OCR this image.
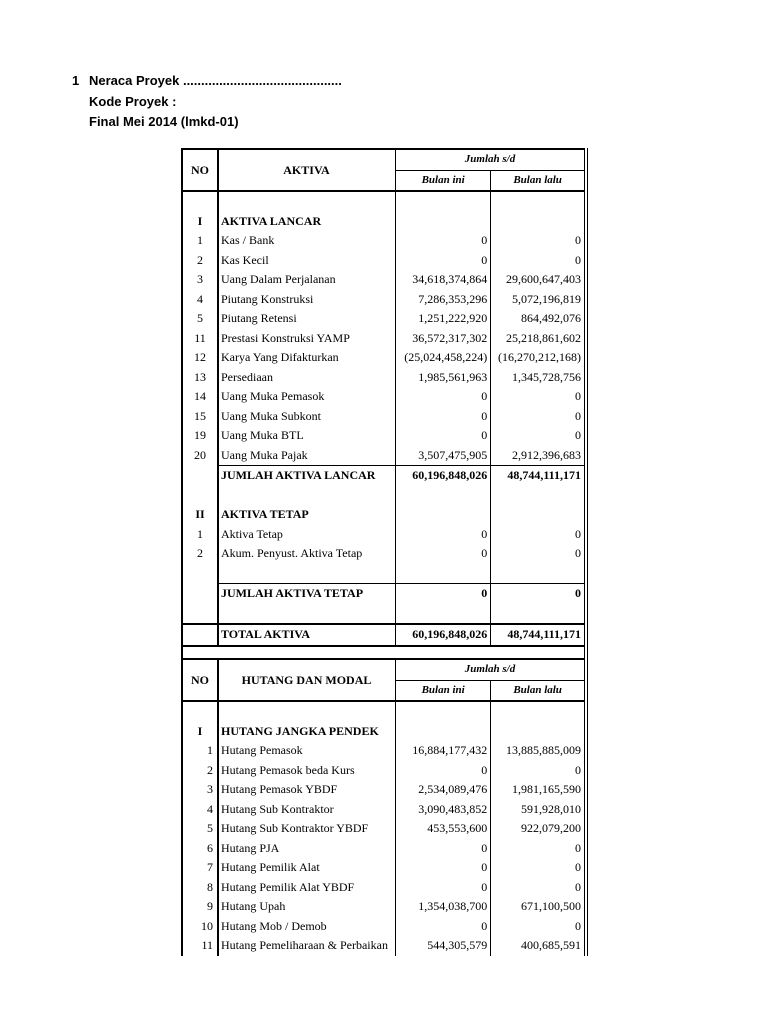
1 Neraca Proyek ............................................
Kode Proyek :
Final Mei 2014 (lmkd-01)
NO	AKTIVA	Jumlah s/d	
		Bulan ini	Bulan lalu

I	AKTIVA LANCAR		
1	Kas / Bank	0	0
2	Kas Kecil	0	0
3	Uang Dalam Perjalanan	34,618,374,864	29,600,647,403
4	Piutang Konstruksi	7,286,353,296	5,072,196,819
5	Piutang Retensi	1,251,222,920	864,492,076
11	Prestasi Konstruksi YAMP	36,572,317,302	25,218,861,602
12	Karya Yang Difakturkan	(25,024,458,224)	(16,270,212,168)
13	Persediaan	1,985,561,963	1,345,728,756
14	Uang Muka Pemasok	0	0
15	Uang Muka Subkont	0	0
19	Uang Muka BTL	0	0
20	Uang Muka Pajak	3,507,475,905	2,912,396,683
	JUMLAH AKTIVA LANCAR	60,196,848,026	48,744,111,171

II	AKTIVA TETAP		
1	Aktiva Tetap	0	0
2	Akum. Penyust. Aktiva Tetap	0	0

	JUMLAH AKTIVA TETAP	0	0

	TOTAL AKTIVA	60,196,848,026	48,744,111,171
NO	HUTANG DAN MODAL	Jumlah s/d	
		Bulan ini	Bulan lalu

I	HUTANG JANGKA PENDEK		
1	Hutang Pemasok	16,884,177,432	13,885,885,009
2	Hutang Pemasok beda Kurs	0	0
3	Hutang Pemasok YBDF	2,534,089,476	1,981,165,590
4	Hutang Sub Kontraktor	3,090,483,852	591,928,010
5	Hutang Sub Kontraktor YBDF	453,553,600	922,079,200
6	Hutang PJA	0	0
7	Hutang Pemilik Alat	0	0
8	Hutang Pemilik Alat YBDF	0	0
9	Hutang Upah	1,354,038,700	671,100,500
10	Hutang Mob / Demob	0	0
11	Hutang Pemeliharaan & Perbaikan	544,305,579	400,685,591
